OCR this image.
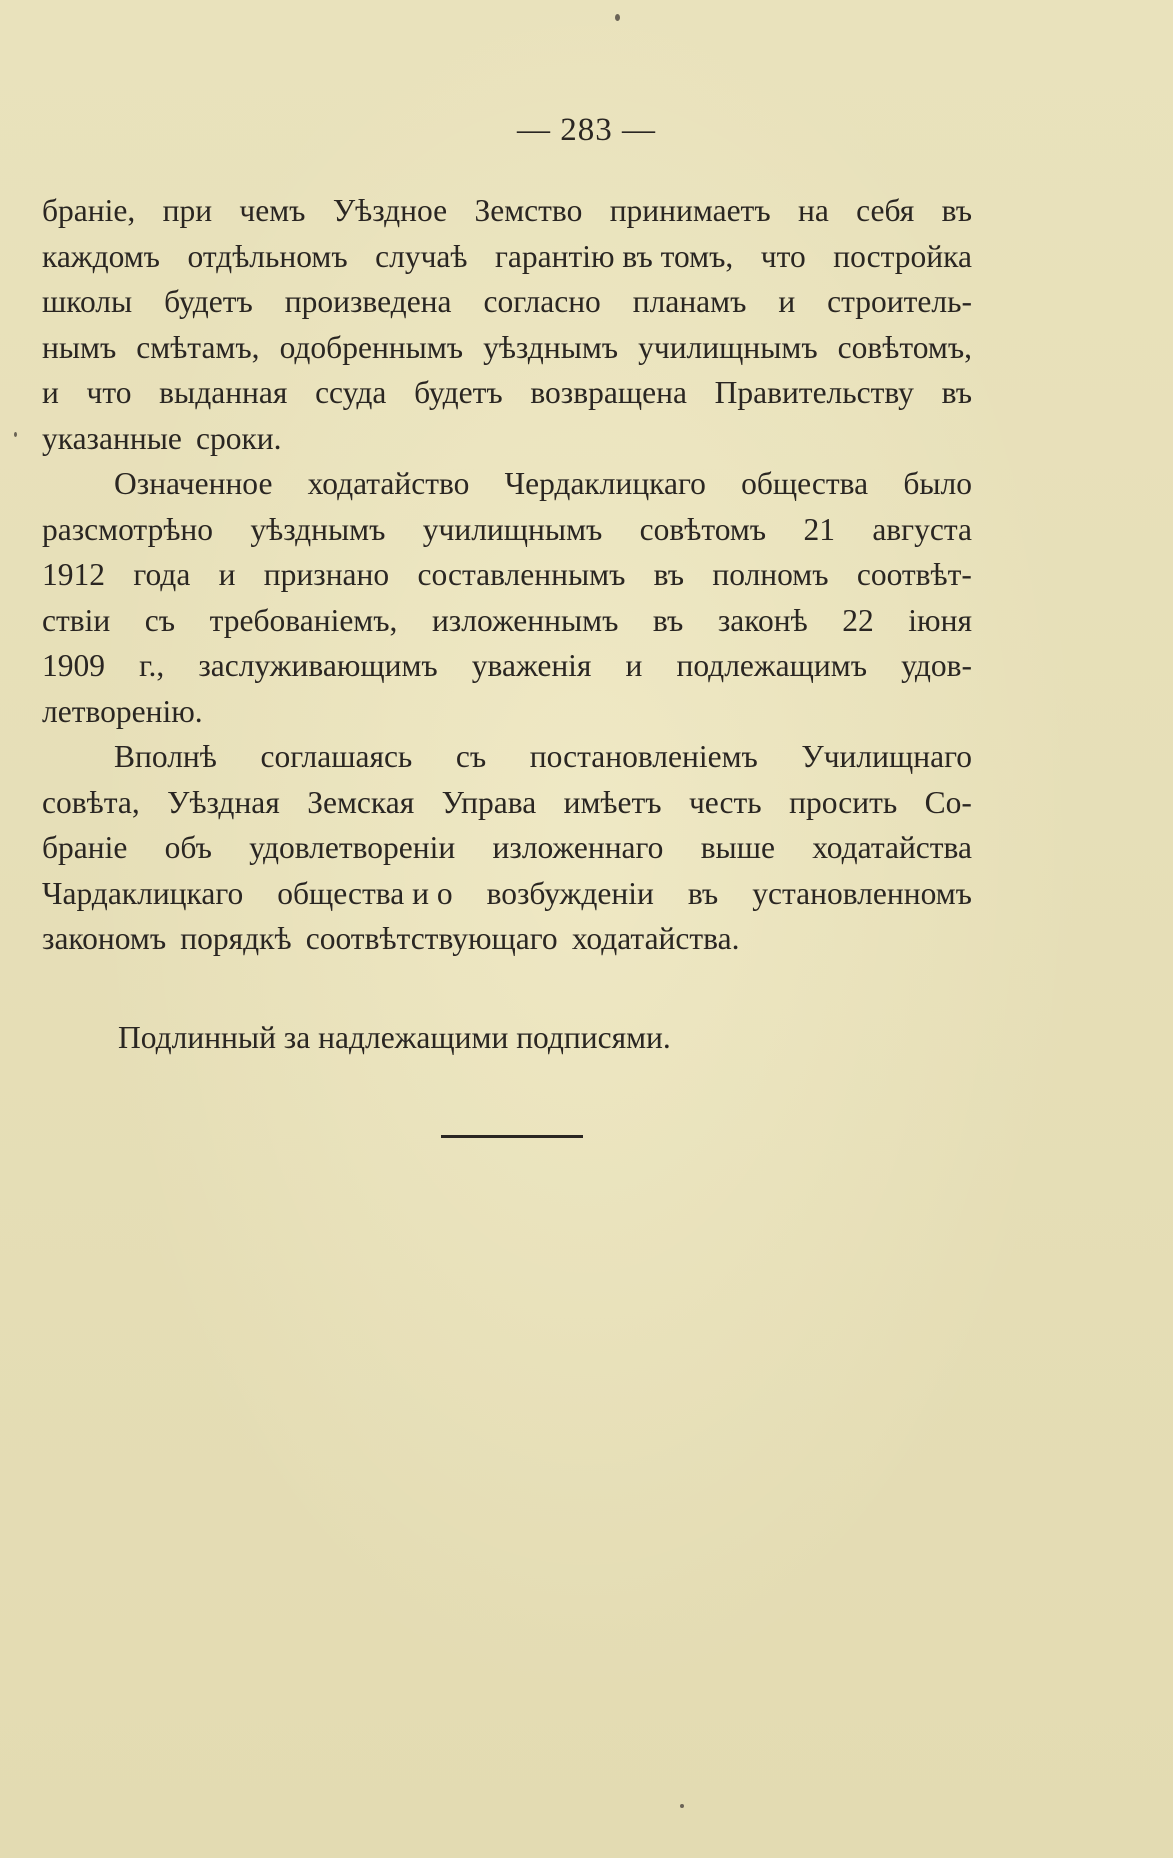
— 283 —
браніе, при чемъ Уѣздное Земство принимаетъ на себя въ
каждомъ отдѣльномъ случаѣ гарантію въ томъ, что постройка
школы будетъ произведена согласно планамъ и строитель-
нымъ смѣтамъ, одобреннымъ уѣзднымъ училищнымъ совѣтомъ,
и что выданная ссуда будетъ возвращена Правительству въ
указанные сроки.
Означенное ходатайство Чердаклицкаго общества было
разсмотрѣно уѣзднымъ училищнымъ совѣтомъ 21 августа
1912 года и признано составленнымъ въ полномъ соотвѣт-
ствіи съ требованіемъ, изложеннымъ въ законѣ 22 іюня
1909 г., заслуживающимъ уваженія и подлежащимъ удов-
летворенію.
Вполнѣ соглашаясь съ постановленіемъ Училищнаго
совѣта, Уѣздная Земская Управа имѣетъ честь просить Со-
браніе объ удовлетвореніи изложеннаго выше ходатайства
Чардаклицкаго общества и о возбужденіи въ установленномъ
закономъ порядкѣ соотвѣтствующаго ходатайства.
Подлинный за надлежащими подписями.
